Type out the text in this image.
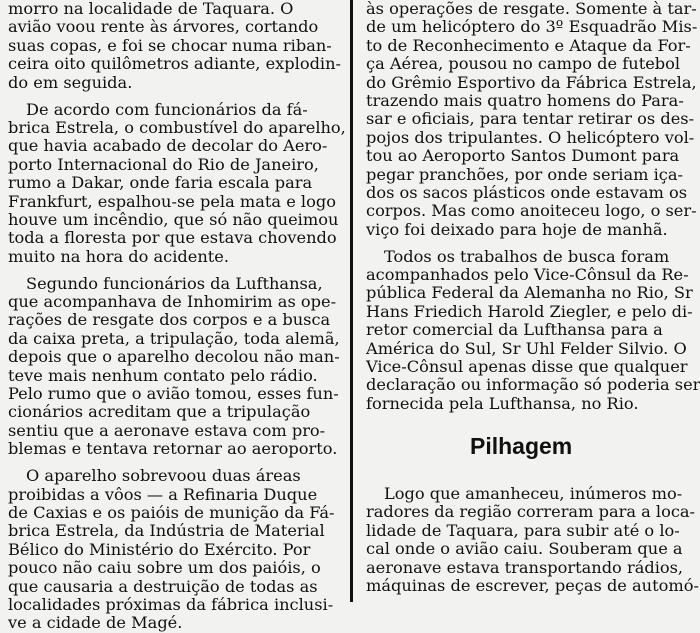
morro na localidade de Taquara. O
avião voou rente às árvores, cortando
suas copas, e foi se chocar numa riban-
ceira oito quilômetros adiante, explodin-
do em seguida.
De acordo com funcionários da fá-
brica Estrela, o combustível do aparelho,
que havia acabado de decolar do Aero-
porto Internacional do Rio de Janeiro,
rumo a Dakar, onde faria escala para
Frankfurt, espalhou-se pela mata e logo
houve um incêndio, que só não queimou
toda a floresta por que estava chovendo
muito na hora do acidente.
Segundo funcionários da Lufthansa,
que acompanhava de Inhomirim as ope-
rações de resgate dos corpos e a busca
da caixa preta, a tripulação, toda alemã,
depois que o aparelho decolou não man-
teve mais nenhum contato pelo rádio.
Pelo rumo que o avião tomou, esses fun-
cionários acreditam que a tripulação
sentiu que a aeronave estava com pro-
blemas e tentava retornar ao aeroporto.
O aparelho sobrevoou duas áreas
proibidas a vôos — a Refinaria Duque
de Caxias e os paióis de munição da Fá-
brica Estrela, da Indústria de Material
Bélico do Ministério do Exército. Por
pouco não caiu sobre um dos paióis, o
que causaria a destruição de todas as
localidades próximas da fábrica inclusi-
ve a cidade de Magé.
às operações de resgate. Somente à tar-
de um helicóptero do 3º Esquadrão Mis-
to de Reconhecimento e Ataque da For-
ça Aérea, pousou no campo de futebol
do Grêmio Esportivo da Fábrica Estrela,
trazendo mais quatro homens do Para-
sar e oficiais, para tentar retirar os des-
pojos dos tripulantes. O helicóptero vol-
tou ao Aeroporto Santos Dumont para
pegar pranchões, por onde seriam iça-
dos os sacos plásticos onde estavam os
corpos. Mas como anoiteceu logo, o ser-
viço foi deixado para hoje de manhã.
Todos os trabalhos de busca foram
acompanhados pelo Vice-Cônsul da Re-
pública Federal da Alemanha no Rio, Sr
Hans Friedich Harold Ziegler, e pelo di-
retor comercial da Lufthansa para a
América do Sul, Sr Uhl Felder Silvio. O
Vice-Cônsul apenas disse que qualquer
declaração ou informação só poderia ser
fornecida pela Lufthansa, no Rio.
Pilhagem
Logo que amanheceu, inúmeros mo-
radores da região correram para a loca-
lidade de Taquara, para subir até o lo-
cal onde o avião caiu. Souberam que a
aeronave estava transportando rádios,
máquinas de escrever, peças de automó-
